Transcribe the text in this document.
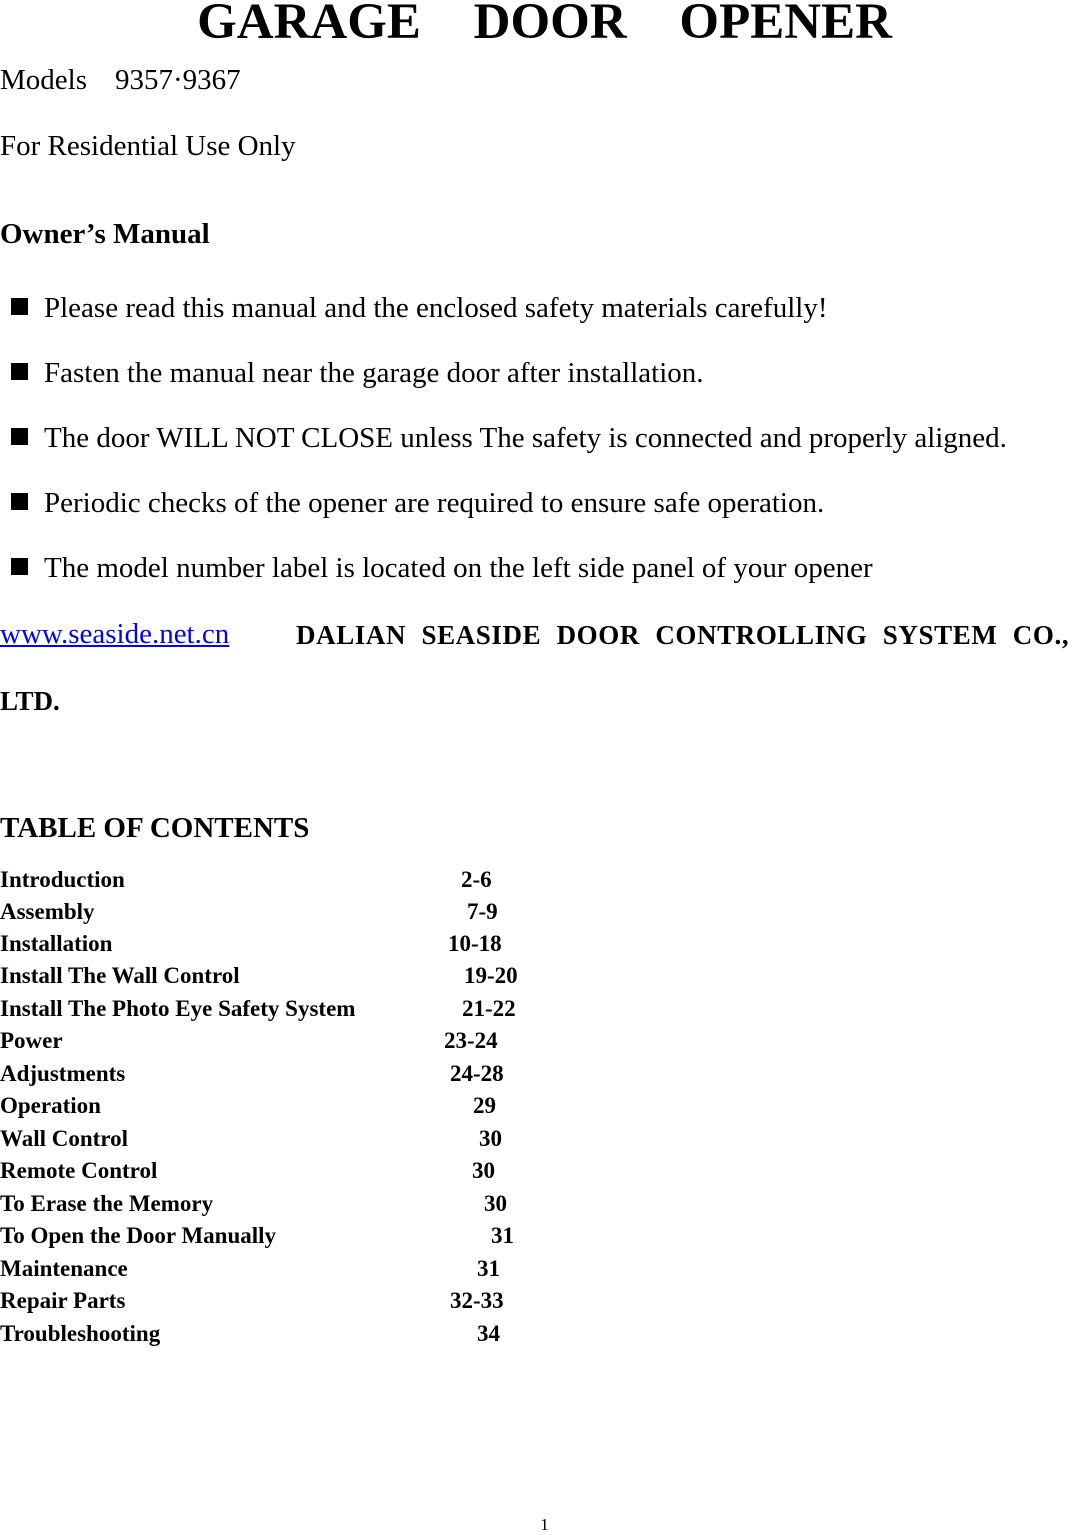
GARAGE DOOR OPENER
Models 9357·9367
For Residential Use Only
Owner’s Manual
Please read this manual and the enclosed safety materials carefully!
Fasten the manual near the garage door after installation.
The door WILL NOT CLOSE unless The safety is connected and properly aligned.
Periodic checks of the opener are required to ensure safe operation.
The model number label is located on the left side panel of your opener
www.seaside.net.cn DALIAN SEASIDE DOOR CONTROLLING SYSTEM CO.,
LTD.
TABLE OF CONTENTS
Introduction	2-6
Assembly	7-9
Installation	10-18
Install The Wall Control	19-20
Install The Photo Eye Safety System	21-22
Power	23-24
Adjustments	24-28
Operation	29
Wall Control	30
Remote Control	30
To Erase the Memory	30
To Open the Door Manually	31
Maintenance	31
Repair Parts	32-33
Troubleshooting	34
1
